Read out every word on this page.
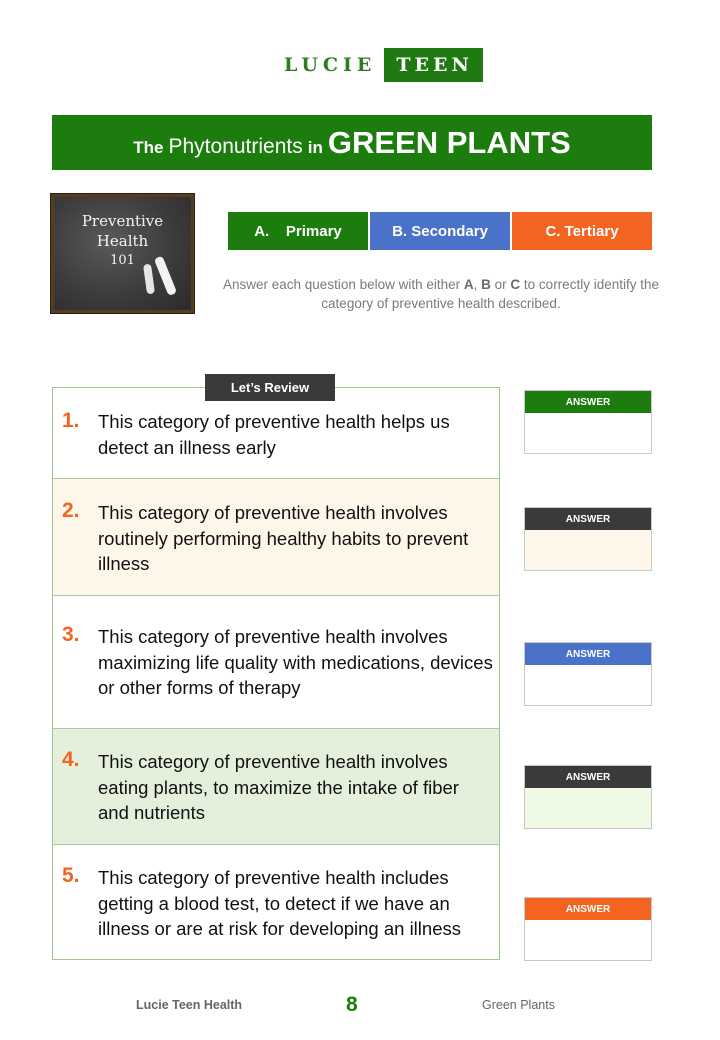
LUCIE	TEEN
The Phytonutrients in GREEN PLANTS
Preventive
Health
101
A.    Primary	B. Secondary	C. Tertiary
Answer each question below with either A, B or C to correctly identify the category of preventive health described.
Let’s Review
1. This category of preventive health helps us detect an illness early
2. This category of preventive health involves routinely performing healthy habits to prevent illness
3. This category of preventive health involves maximizing life quality with medications, devices or other forms of therapy
4. This category of preventive health involves eating plants, to maximize the intake of fiber and nutrients
5. This category of preventive health includes getting a blood test, to detect if we have an illness or are at risk for developing an illness
ANSWER
ANSWER
ANSWER
ANSWER
ANSWER
Lucie Teen Health	8	Green Plants
